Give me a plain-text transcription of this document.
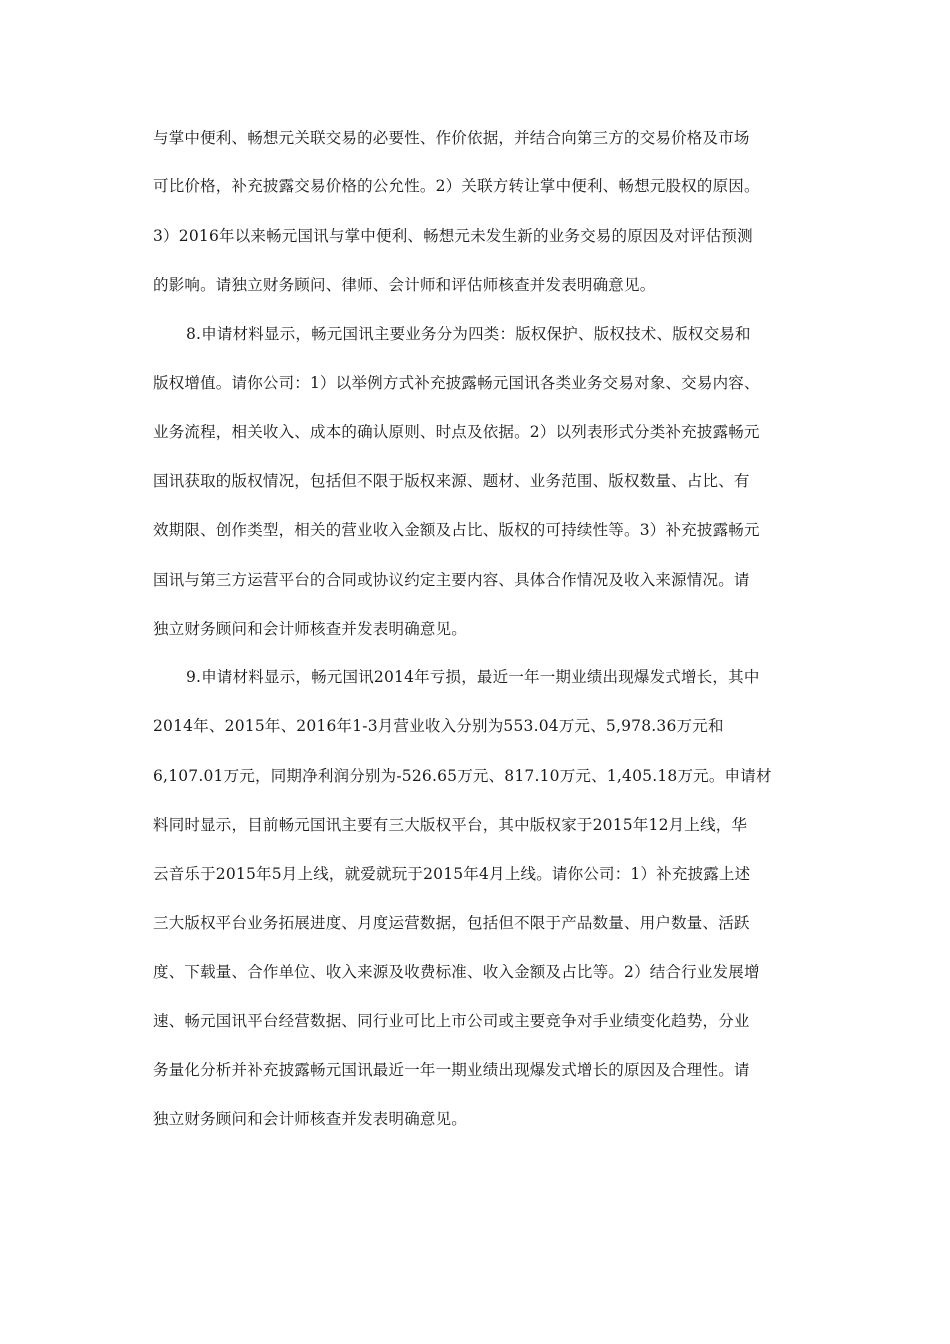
与掌中便利、畅想元关联交易的必要性、作价依据，并结合向第三方的交易价格及市场
可比价格，补充披露交易价格的公允性。2）关联方转让掌中便利、畅想元股权的原因。
3）2016年以来畅元国讯与掌中便利、畅想元未发生新的业务交易的原因及对评估预测
的影响。请独立财务顾问、律师、会计师和评估师核查并发表明确意见。
8.申请材料显示，畅元国讯主要业务分为四类：版权保护、版权技术、版权交易和
版权增值。请你公司：1）以举例方式补充披露畅元国讯各类业务交易对象、交易内容、
业务流程，相关收入、成本的确认原则、时点及依据。2）以列表形式分类补充披露畅元
国讯获取的版权情况，包括但不限于版权来源、题材、业务范围、版权数量、占比、有
效期限、创作类型，相关的营业收入金额及占比、版权的可持续性等。3）补充披露畅元
国讯与第三方运营平台的合同或协议约定主要内容、具体合作情况及收入来源情况。请
独立财务顾问和会计师核查并发表明确意见。
9.申请材料显示，畅元国讯2014年亏损，最近一年一期业绩出现爆发式增长，其中
2014年、2015年、2016年1-3月营业收入分别为553.04万元、5,978.36万元和
6,107.01万元，同期净利润分别为-526.65万元、817.10万元、1,405.18万元。申请材
料同时显示，目前畅元国讯主要有三大版权平台，其中版权家于2015年12月上线，华
云音乐于2015年5月上线，就爱就玩于2015年4月上线。请你公司：1）补充披露上述
三大版权平台业务拓展进度、月度运营数据，包括但不限于产品数量、用户数量、活跃
度、下载量、合作单位、收入来源及收费标准、收入金额及占比等。2）结合行业发展增
速、畅元国讯平台经营数据、同行业可比上市公司或主要竞争对手业绩变化趋势，分业
务量化分析并补充披露畅元国讯最近一年一期业绩出现爆发式增长的原因及合理性。请
独立财务顾问和会计师核查并发表明确意见。
